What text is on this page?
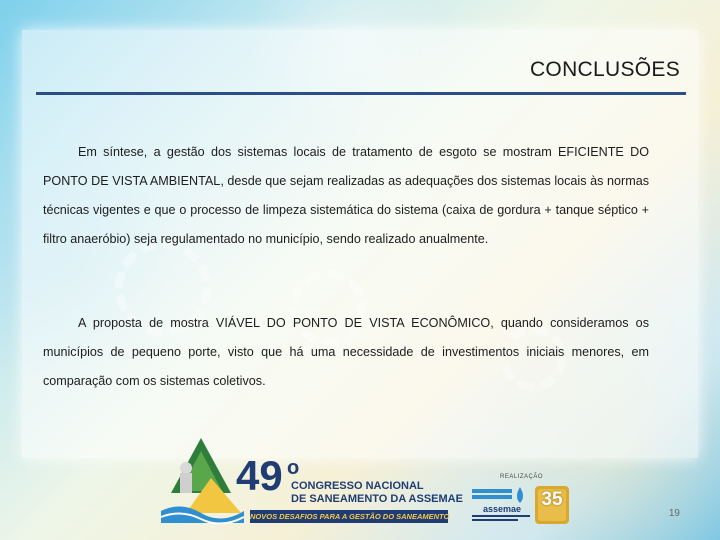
CONCLUSÕES

Em síntese, a gestão dos sistemas locais de tratamento de esgoto se mostram EFICIENTE DO PONTO DE VISTA AMBIENTAL, desde que sejam realizadas as adequações dos sistemas locais às normas técnicas vigentes e que o processo de limpeza sistemática do sistema (caixa de gordura + tanque séptico + filtro anaeróbio) seja regulamentado no município, sendo realizado anualmente.

A proposta de mostra VIÁVEL DO PONTO DE VISTA ECONÔMICO, quando consideramos os municípios de pequeno porte, visto que há uma necessidade de investimentos iniciais menores, em comparação com os sistemas coletivos.

49 o
CONGRESSO NACIONAL
DE SANEAMENTO DA ASSEMAE
NOVOS DESAFIOS PARA A GESTÃO DO SANEAMENTO
REALIZAÇÃO
assemae	35
19
